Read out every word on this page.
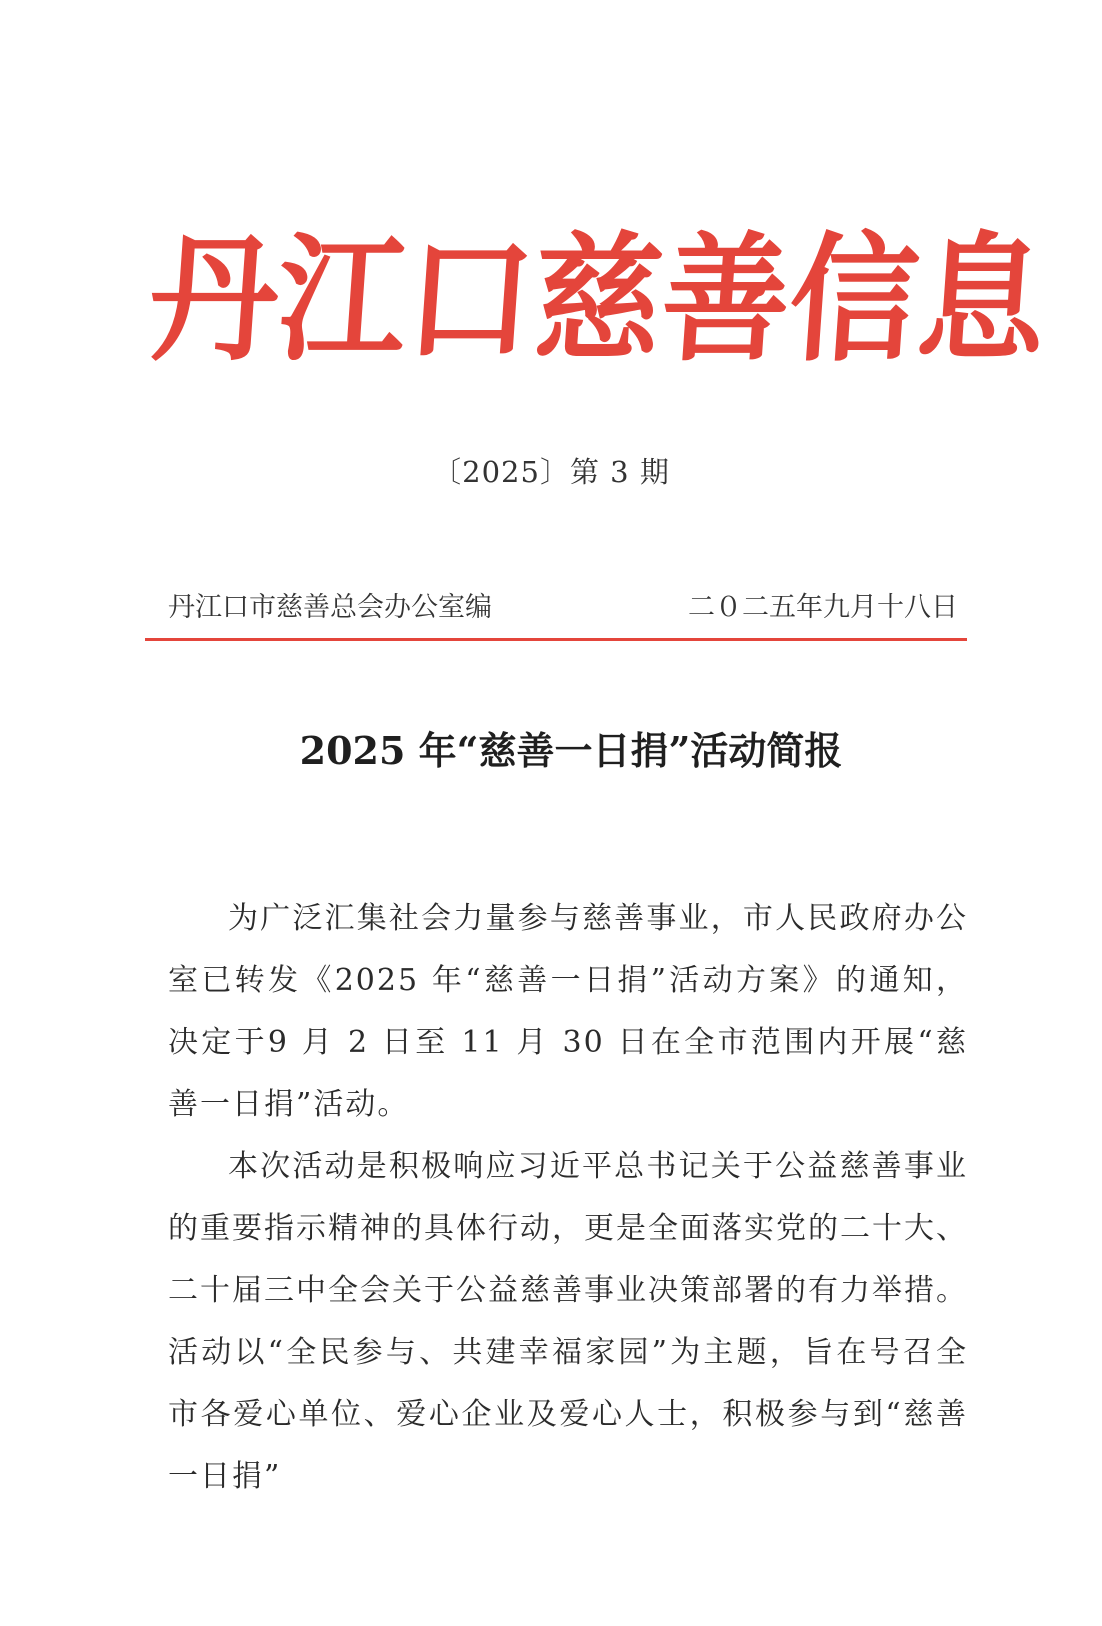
丹
江
口
慈
善
信
息
〔2025〕第 3 期
丹江口市慈善总会办公室编	二０二五年九月十八日
2025 年“慈善一日捐”活动简报

为广泛汇集社会力量参与慈善事业，市人民政府办公室已转发《2025 年“慈善一日捐”活动方案》的通知，决定于9 月 2 日至 11 月 30 日在全市范围内开展“慈善一日捐”活动。

本次活动是积极响应习近平总书记关于公益慈善事业的重要指示精神的具体行动，更是全面落实党的二十大、二十届三中全会关于公益慈善事业决策部署的有力举措。活动以“全民参与、共建幸福家园”为主题，旨在号召全市各爱心单位、爱心企业及爱心人士，积极参与到“慈善一日捐”
